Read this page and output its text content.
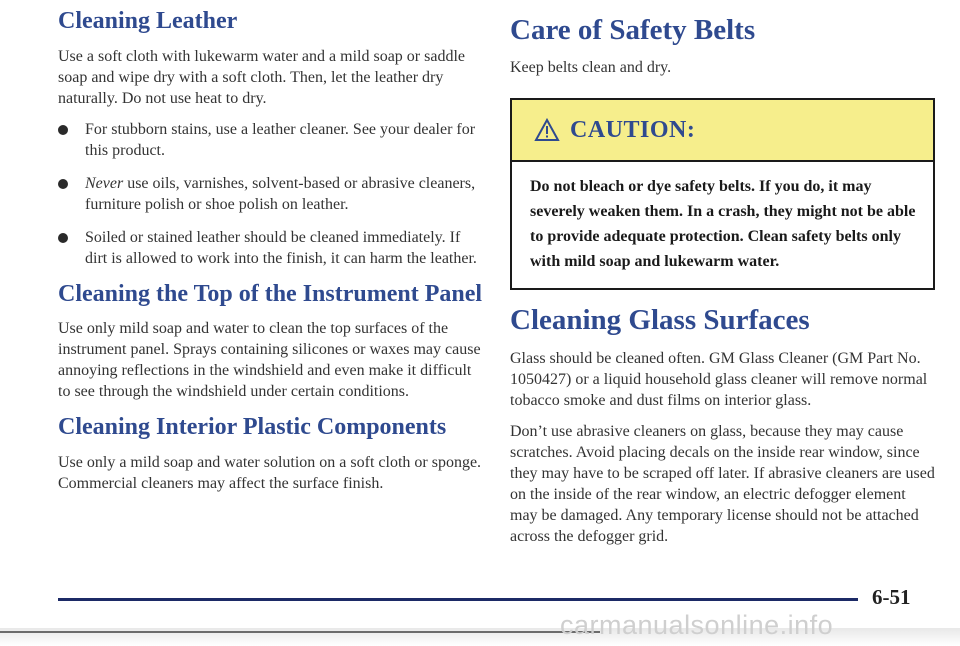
Cleaning Leather

Use a soft cloth with lukewarm water and a mild soap or saddle soap and wipe dry with a soft cloth. Then, let the leather dry naturally. Do not use heat to dry.

For stubborn stains, use a leather cleaner. See your dealer for this product.
Never use oils, varnishes, solvent-based or abrasive cleaners, furniture polish or shoe polish on leather.
Soiled or stained leather should be cleaned immediately. If dirt is allowed to work into the finish, it can harm the leather.
Cleaning the Top of the Instrument Panel

Use only mild soap and water to clean the top surfaces of the instrument panel. Sprays containing silicones or waxes may cause annoying reflections in the windshield and even make it difficult to see through the windshield under certain conditions.

Cleaning Interior Plastic Components

Use only a mild soap and water solution on a soft cloth or sponge. Commercial cleaners may affect the surface finish.

Care of Safety Belts

Keep belts clean and dry.

CAUTION:
Do not bleach or dye safety belts. If you do, it may severely weaken them. In a crash, they might not be able to provide adequate protection. Clean safety belts only with mild soap and lukewarm water.
Cleaning Glass Surfaces

Glass should be cleaned often. GM Glass Cleaner (GM Part No. 1050427) or a liquid household glass cleaner will remove normal tobacco smoke and dust films on interior glass.

Don’t use abrasive cleaners on glass, because they may cause scratches. Avoid placing decals on the inside rear window, since they may have to be scraped off later. If abrasive cleaners are used on the inside of the rear window, an electric defogger element may be damaged. Any temporary license should not be attached across the defogger grid.

6-51
carmanualsonline.info
